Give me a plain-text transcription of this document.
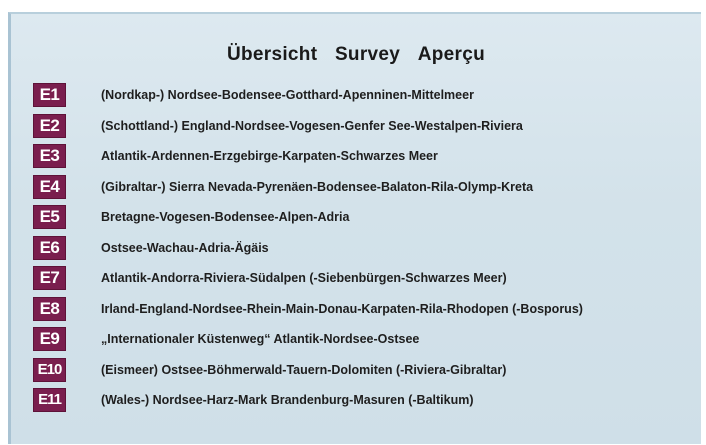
Übersicht Survey Aperçu
E1	(Nordkap-) Nordsee-Bodensee-Gotthard-Apenninen-Mittelmeer
E2	(Schottland-) England-Nordsee-Vogesen-Genfer See-Westalpen-Riviera
E3	Atlantik-Ardennen-Erzgebirge-Karpaten-Schwarzes Meer
E4	(Gibraltar-) Sierra Nevada-Pyrenäen-Bodensee-Balaton-Rila-Olymp-Kreta
E5	Bretagne-Vogesen-Bodensee-Alpen-Adria
E6	Ostsee-Wachau-Adria-Ägäis
E7	Atlantik-Andorra-Riviera-Südalpen (-Siebenbürgen-Schwarzes Meer)
E8	Irland-England-Nordsee-Rhein-Main-Donau-Karpaten-Rila-Rhodopen (-Bosporus)
E9	„Internationaler Küstenweg“ Atlantik-Nordsee-Ostsee
E10	(Eismeer) Ostsee-Böhmerwald-Tauern-Dolomiten (-Riviera-Gibraltar)
E11	(Wales-) Nordsee-Harz-Mark Brandenburg-Masuren (-Baltikum)
